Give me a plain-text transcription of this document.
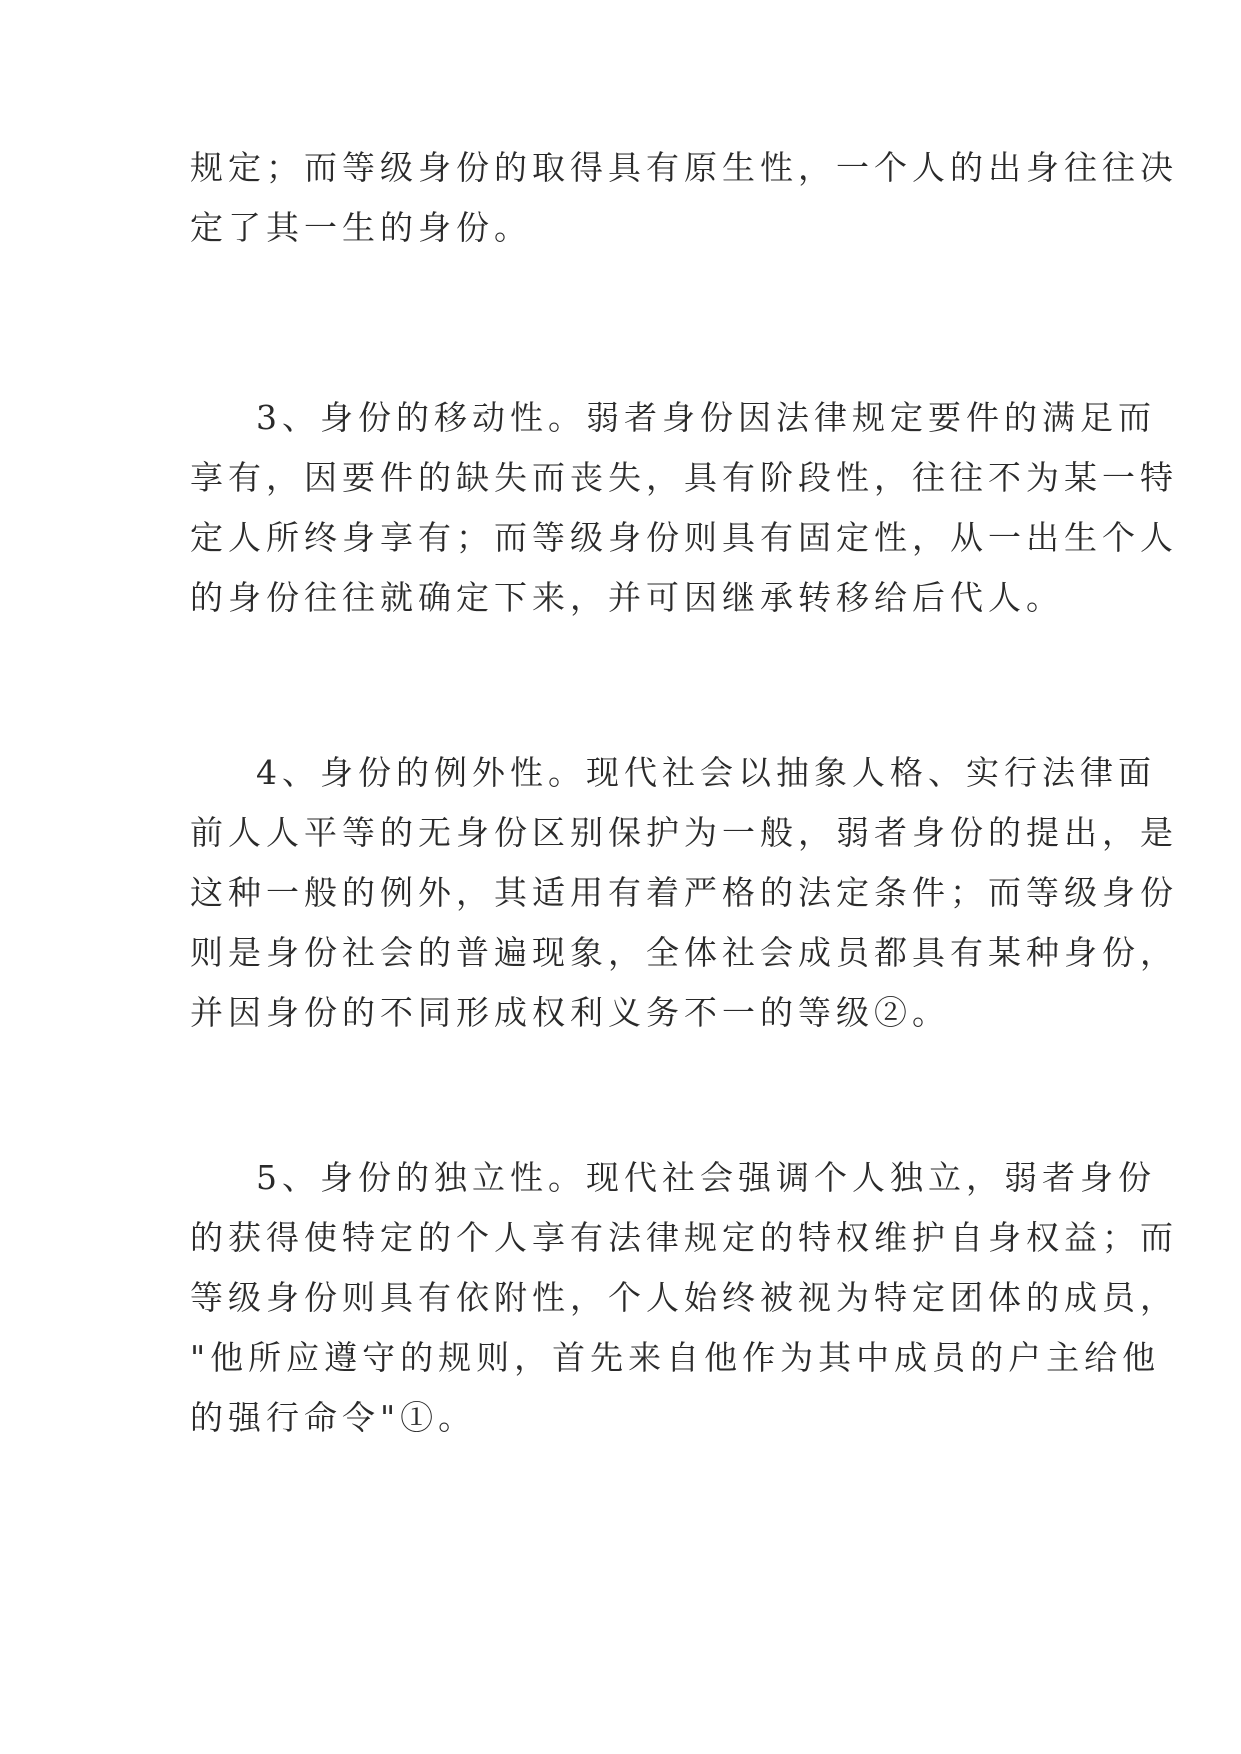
规定；而等级身份的取得具有原生性，一个人的出身往往决
定了其一生的身份。

3、身份的移动性。弱者身份因法律规定要件的满足而
享有，因要件的缺失而丧失，具有阶段性，往往不为某一特
定人所终身享有；而等级身份则具有固定性，从一出生个人
的身份往往就确定下来，并可因继承转移给后代人。

4、身份的例外性。现代社会以抽象人格、实行法律面
前人人平等的无身份区别保护为一般，弱者身份的提出，是
这种一般的例外，其适用有着严格的法定条件；而等级身份
则是身份社会的普遍现象，全体社会成员都具有某种身份，
并因身份的不同形成权利义务不一的等级②。

5、身份的独立性。现代社会强调个人独立，弱者身份
的获得使特定的个人享有法律规定的特权维护自身权益；而
等级身份则具有依附性，个人始终被视为特定团体的成员，
"他所应遵守的规则，首先来自他作为其中成员的户主给他
的强行命令"①。
